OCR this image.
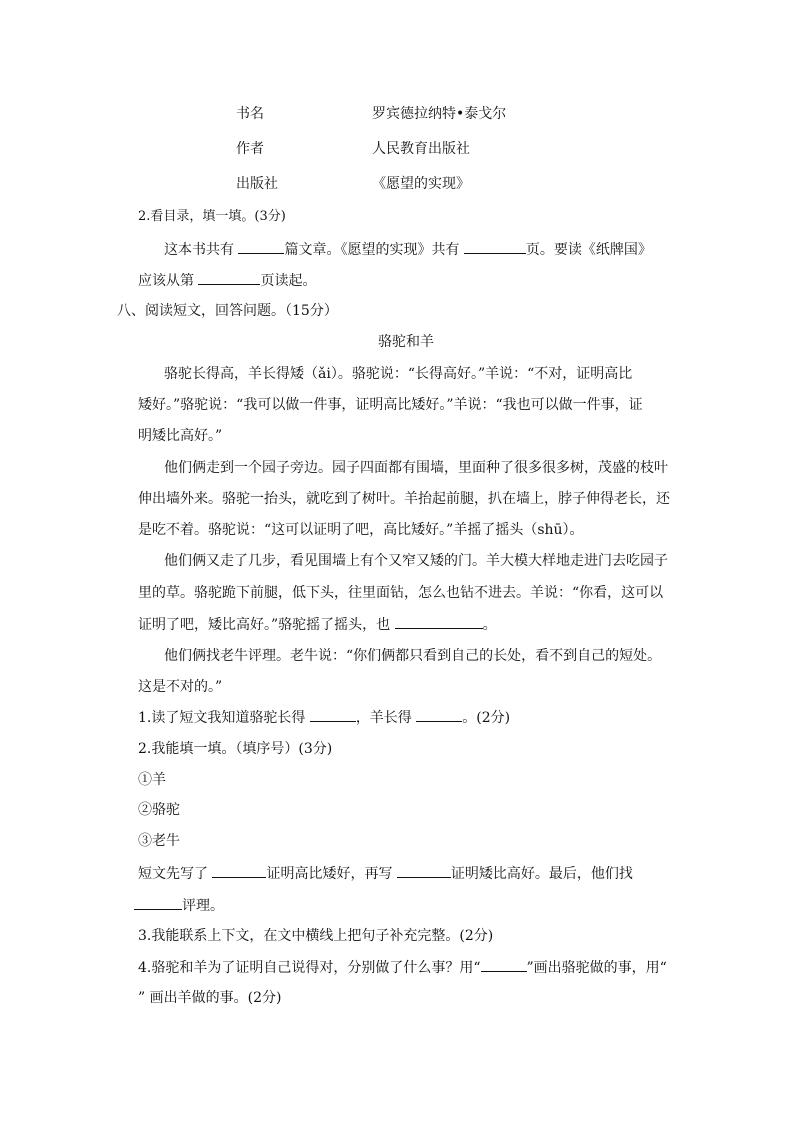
书名	罗宾德拉纳特•泰戈尔
作者	人民教育出版社
出版社	《愿望的实现》
2.看目录，填一填。(3分)
这本书共有	篇文章。《愿望的实现》共有	页。要读《纸牌国》
应该从第	页读起。
八、阅读短文，回答问题。（15分）
骆驼和羊
骆驼长得高，羊长得矮（ǎi）。骆驼说：“长得高好。”羊说：“不对，证明高比
矮好。”骆驼说：“我可以做一件事，证明高比矮好。”羊说：“我也可以做一件事，证
明矮比高好。”
他们俩走到一个园子旁边。园子四面都有围墙，里面种了很多很多树，茂盛的枝叶
伸出墙外来。骆驼一抬头，就吃到了树叶。羊抬起前腿，扒在墙上，脖子伸得老长，还
是吃不着。骆驼说：“这可以证明了吧，高比矮好。”羊摇了摇头（shū）。
他们俩又走了几步，看见围墙上有个又窄又矮的门。羊大模大样地走进门去吃园子
里的草。骆驼跪下前腿，低下头，往里面钻，怎么也钻不进去。羊说：“你看，这可以
证明了吧，矮比高好。”骆驼摇了摇头，也	。
他们俩找老牛评理。老牛说：“你们俩都只看到自己的长处，看不到自己的短处。
这是不对的。”
1.读了短文我知道骆驼长得	，羊长得	。(2分)
2.我能填一填。（填序号）(3分)
①羊
②骆驼
③老牛
短文先写了	证明高比矮好，再写	证明矮比高好。最后，他们找
评理。
3.我能联系上下文，在文中横线上把句子补充完整。(2分)
4.骆驼和羊为了证明自己说得对，分别做了什么事？用“	”画出骆驼做的事，用“
” 画出羊做的事。(2分)
